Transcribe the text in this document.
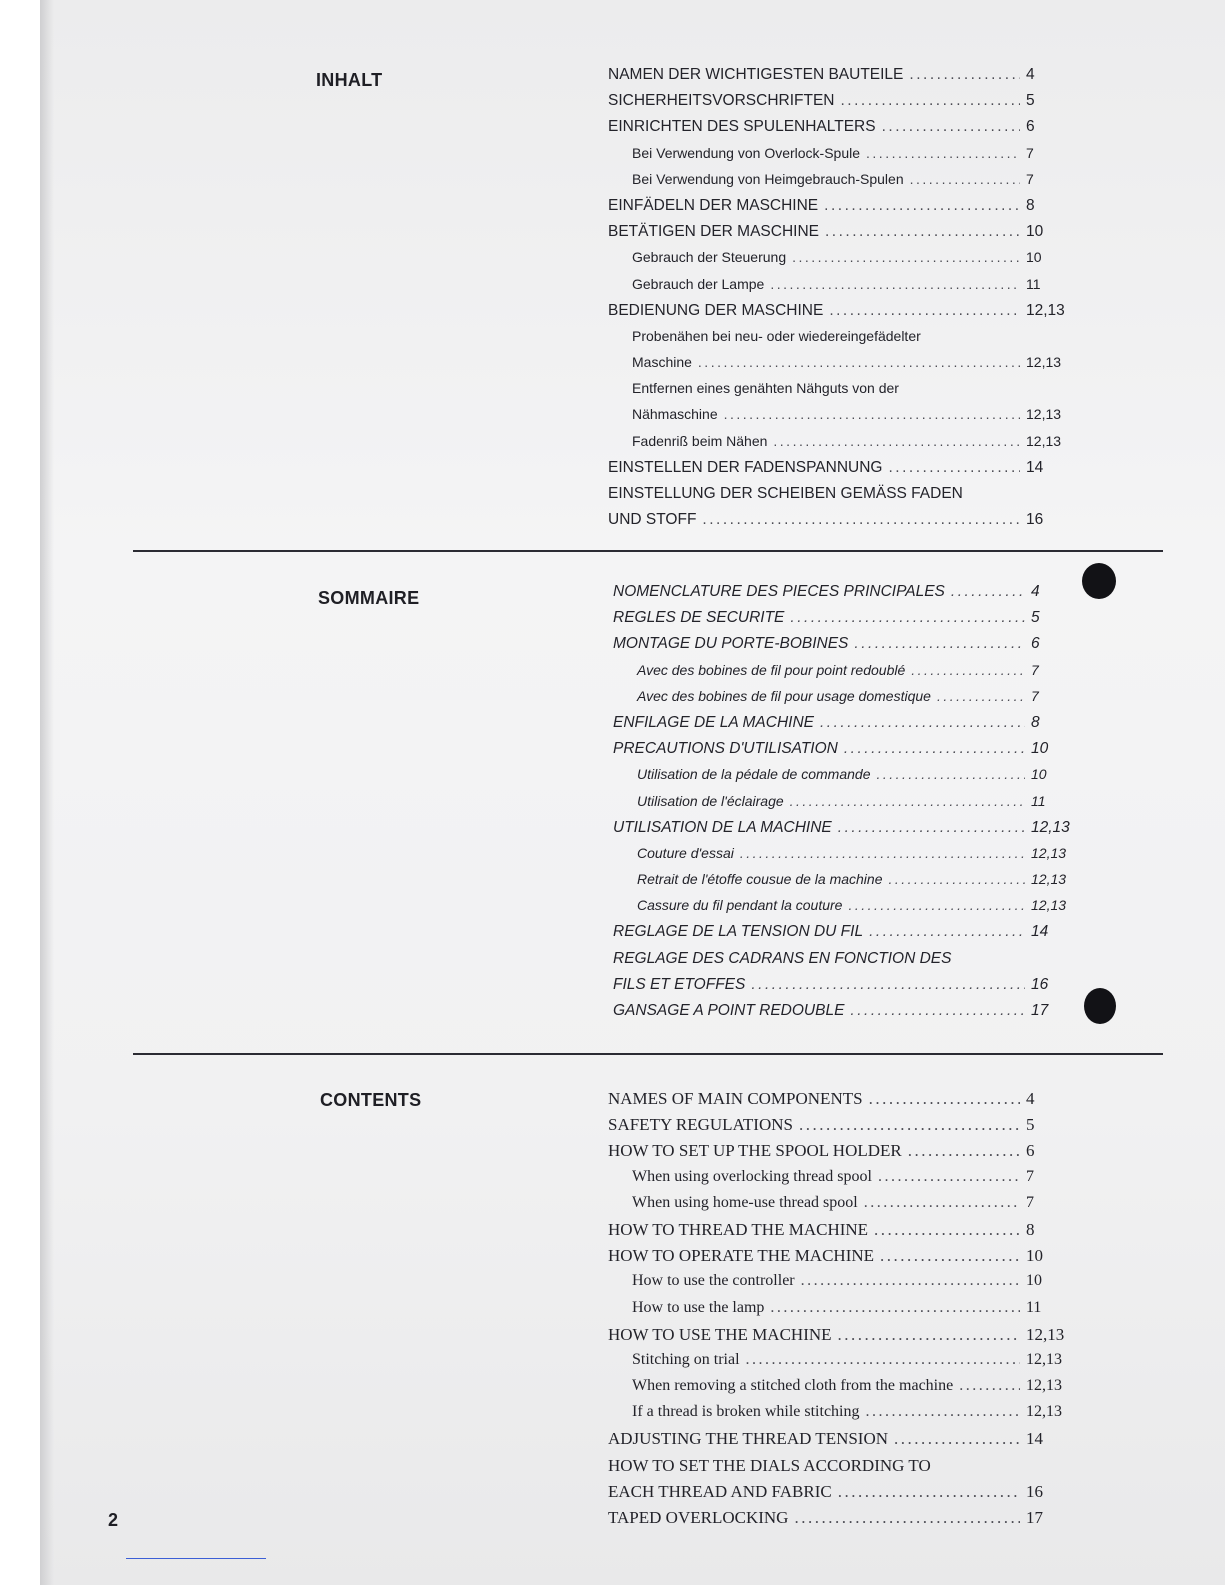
INHALT	NAMEN DER WICHTIGESTEN BAUTEILE .....	4
SICHERHEITSVORSCHRIFTEN .....	5
EINRICHTEN DES SPULENHALTERS .....	6
Bei Verwendung von Overlock-Spule .....	7
Bei Verwendung von Heimgebrauch-Spulen .....	7
EINFÄDELN DER MASCHINE .....	8
BETÄTIGEN DER MASCHINE .....	10
Gebrauch der Steuerung .....	10
Gebrauch der Lampe .....	11
BEDIENUNG DER MASCHINE .....	12,13
Probenähen bei neu- oder wiedereingefädelter
Maschine .....	12,13
Entfernen eines genähten Nähguts von der
Nähmaschine .....	12,13
Fadenriß beim Nähen .....	12,13
EINSTELLEN DER FADENSPANNUNG .....	14
EINSTELLUNG DER SCHEIBEN GEMÄSS FADEN
UND STOFF .....	16
SOMMAIRE	NOMENCLATURE DES PIECES PRINCIPALES .....	4
REGLES DE SECURITE .....	5
MONTAGE DU PORTE-BOBINES .....	6
Avec des bobines de fil pour point redoublé .....	7
Avec des bobines de fil pour usage domestique .....	7
ENFILAGE DE LA MACHINE .....	8
PRECAUTIONS D'UTILISATION .....	10
Utilisation de la pédale de commande .....	10
Utilisation de l'éclairage .....	11
UTILISATION DE LA MACHINE .....	12,13
Couture d'essai .....	12,13
Retrait de l'étoffe cousue de la machine .....	12,13
Cassure du fil pendant la couture .....	12,13
REGLAGE DE LA TENSION DU FIL .....	14
REGLAGE DES CADRANS EN FONCTION DES
FILS ET ETOFFES .....	16
GANSAGE A POINT REDOUBLE .....	17
CONTENTS	NAMES OF MAIN COMPONENTS .....	4
SAFETY REGULATIONS .....	5
HOW TO SET UP THE SPOOL HOLDER .....	6
When using overlocking thread spool .....	7
When using home-use thread spool .....	7
HOW TO THREAD THE MACHINE .....	8
HOW TO OPERATE THE MACHINE .....	10
How to use the controller .....	10
How to use the lamp .....	11
HOW TO USE THE MACHINE .....	12,13
Stitching on trial .....	12,13
When removing a stitched cloth from the machine .....	12,13
If a thread is broken while stitching .....	12,13
ADJUSTING THE THREAD TENSION .....	14
HOW TO SET THE DIALS ACCORDING TO
EACH THREAD AND FABRIC .....	16
TAPED OVERLOCKING .....	17
2
